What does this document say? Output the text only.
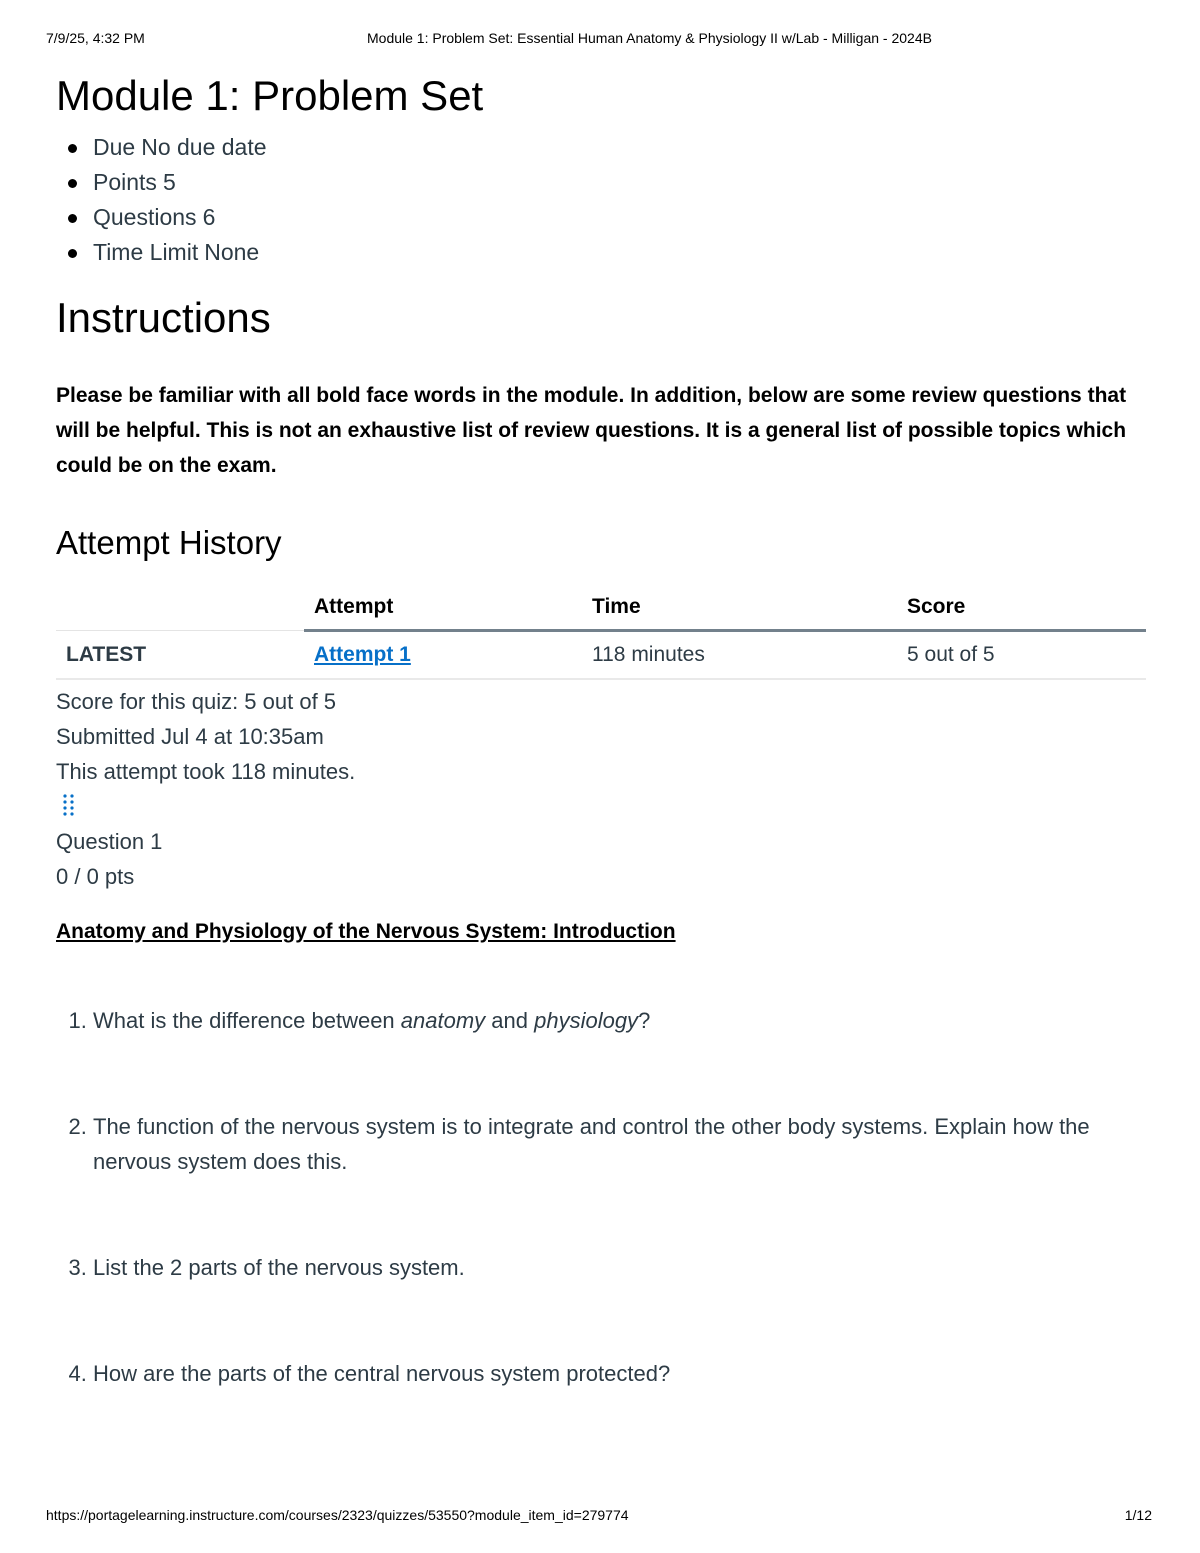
7/9/25, 4:32 PM	Module 1: Problem Set: Essential Human Anatomy & Physiology II w/Lab - Milligan - 2024B
Module 1: Problem Set
Due No due date
Points 5
Questions 6
Time Limit None
Instructions

Please be familiar with all bold face words in the module. In addition, below are some review questions that will be helpful. This is not an exhaustive list of review questions. It is a general list of possible topics which could be on the exam.

Attempt History
	Attempt	Time	Score
LATEST	Attempt 1	118 minutes	5 out of 5
Score for this quiz: 5 out of 5
Submitted Jul 4 at 10:35am
This attempt took 118 minutes.
Question 1
0 / 0 pts
Anatomy and Physiology of the Nervous System: Introduction
1. What is the difference between anatomy and physiology?
2. The function of the nervous system is to integrate and control the other body systems. Explain how the nervous system does this.
3. List the 2 parts of the nervous system.
4. How are the parts of the central nervous system protected?
https://portagelearning.instructure.com/courses/2323/quizzes/53550?module_item_id=279774	1/12
